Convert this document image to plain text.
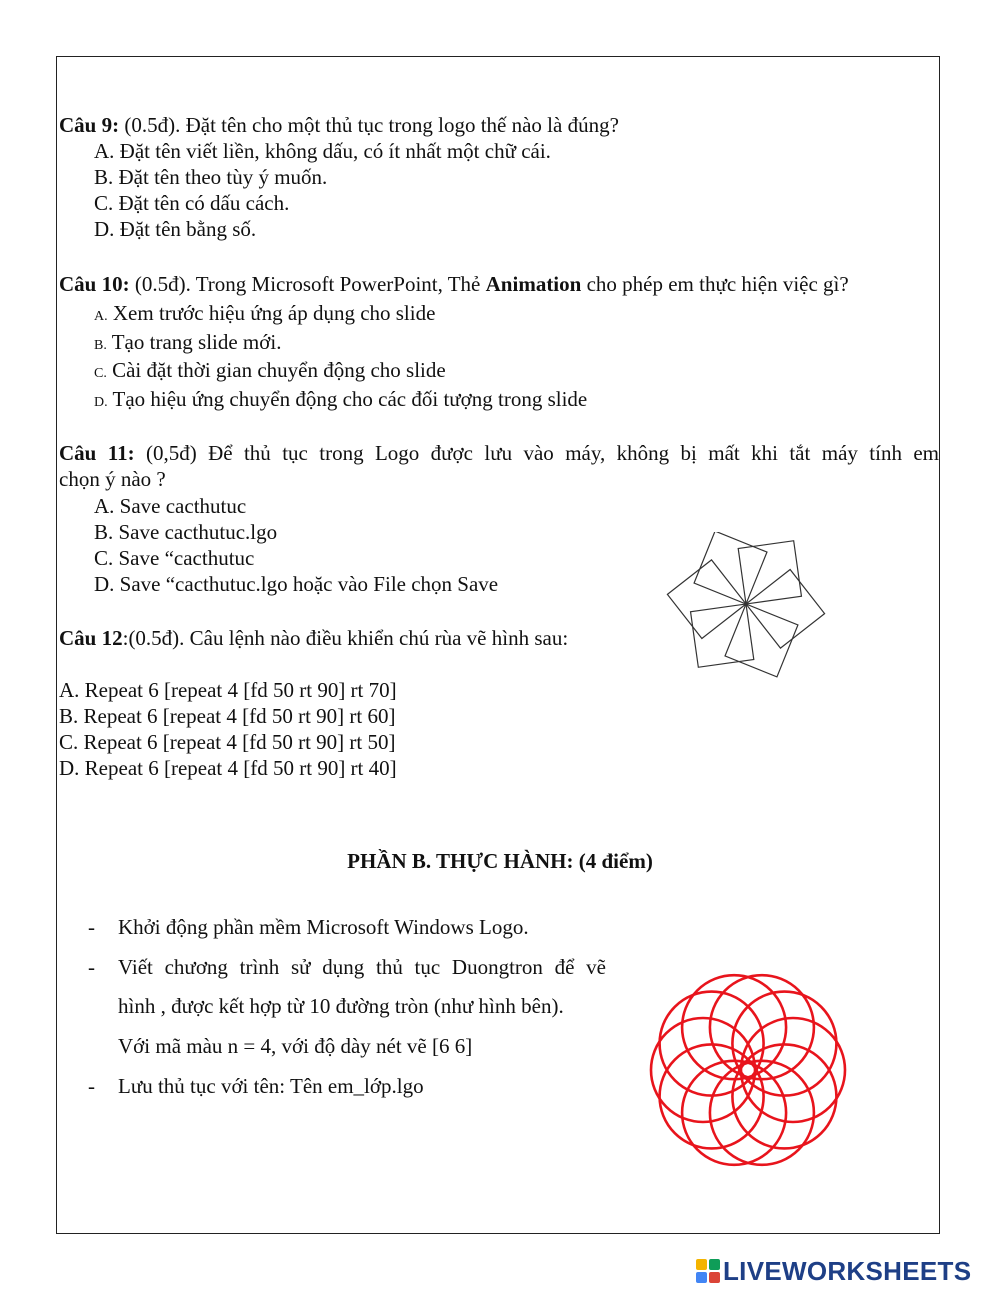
Câu 9: (0.5đ). Đặt tên cho một thủ tục trong logo thế nào là đúng?
A. Đặt tên viết liền, không dấu, có ít nhất một chữ cái.
B. Đặt tên theo tùy ý muốn.
C. Đặt tên có dấu cách.
D. Đặt tên bằng số.
Câu 10: (0.5đ). Trong Microsoft PowerPoint, Thẻ Animation cho phép em thực hiện việc gì?
A. Xem trước hiệu ứng áp dụng cho slide
B. Tạo trang slide mới.
C. Cài đặt thời gian chuyển động cho slide
D. Tạo hiệu ứng chuyển động cho các đối tượng trong slide
Câu 11: (0,5đ) Để thủ tục trong Logo được lưu vào máy, không bị mất khi tắt máy tính em
chọn ý nào ?
A. Save cacthutuc
B. Save cacthutuc.lgo
C. Save “cacthutuc
D. Save “cacthutuc.lgo hoặc vào File chọn Save
Câu 12:(0.5đ). Câu lệnh nào điều khiển chú rùa vẽ hình sau:
A. Repeat 6 [repeat 4 [fd 50 rt 90] rt 70]
B. Repeat 6 [repeat 4 [fd 50 rt 90] rt 60]
C. Repeat 6 [repeat 4 [fd 50 rt 90] rt 50]
D. Repeat 6 [repeat 4 [fd 50 rt 90] rt 40]
PHẦN B. THỰC HÀNH: (4 điểm)
- Khởi động phần mềm Microsoft Windows Logo.
- Viết chương trình sử dụng thủ tục Duongtron để vẽ
hình , được kết hợp từ 10 đường tròn (như hình bên).
Với mã màu n = 4, với độ dày nét vẽ [6 6]
- Lưu thủ tục với tên: Tên em_lớp.lgo
LIVEWORKSHEETS
